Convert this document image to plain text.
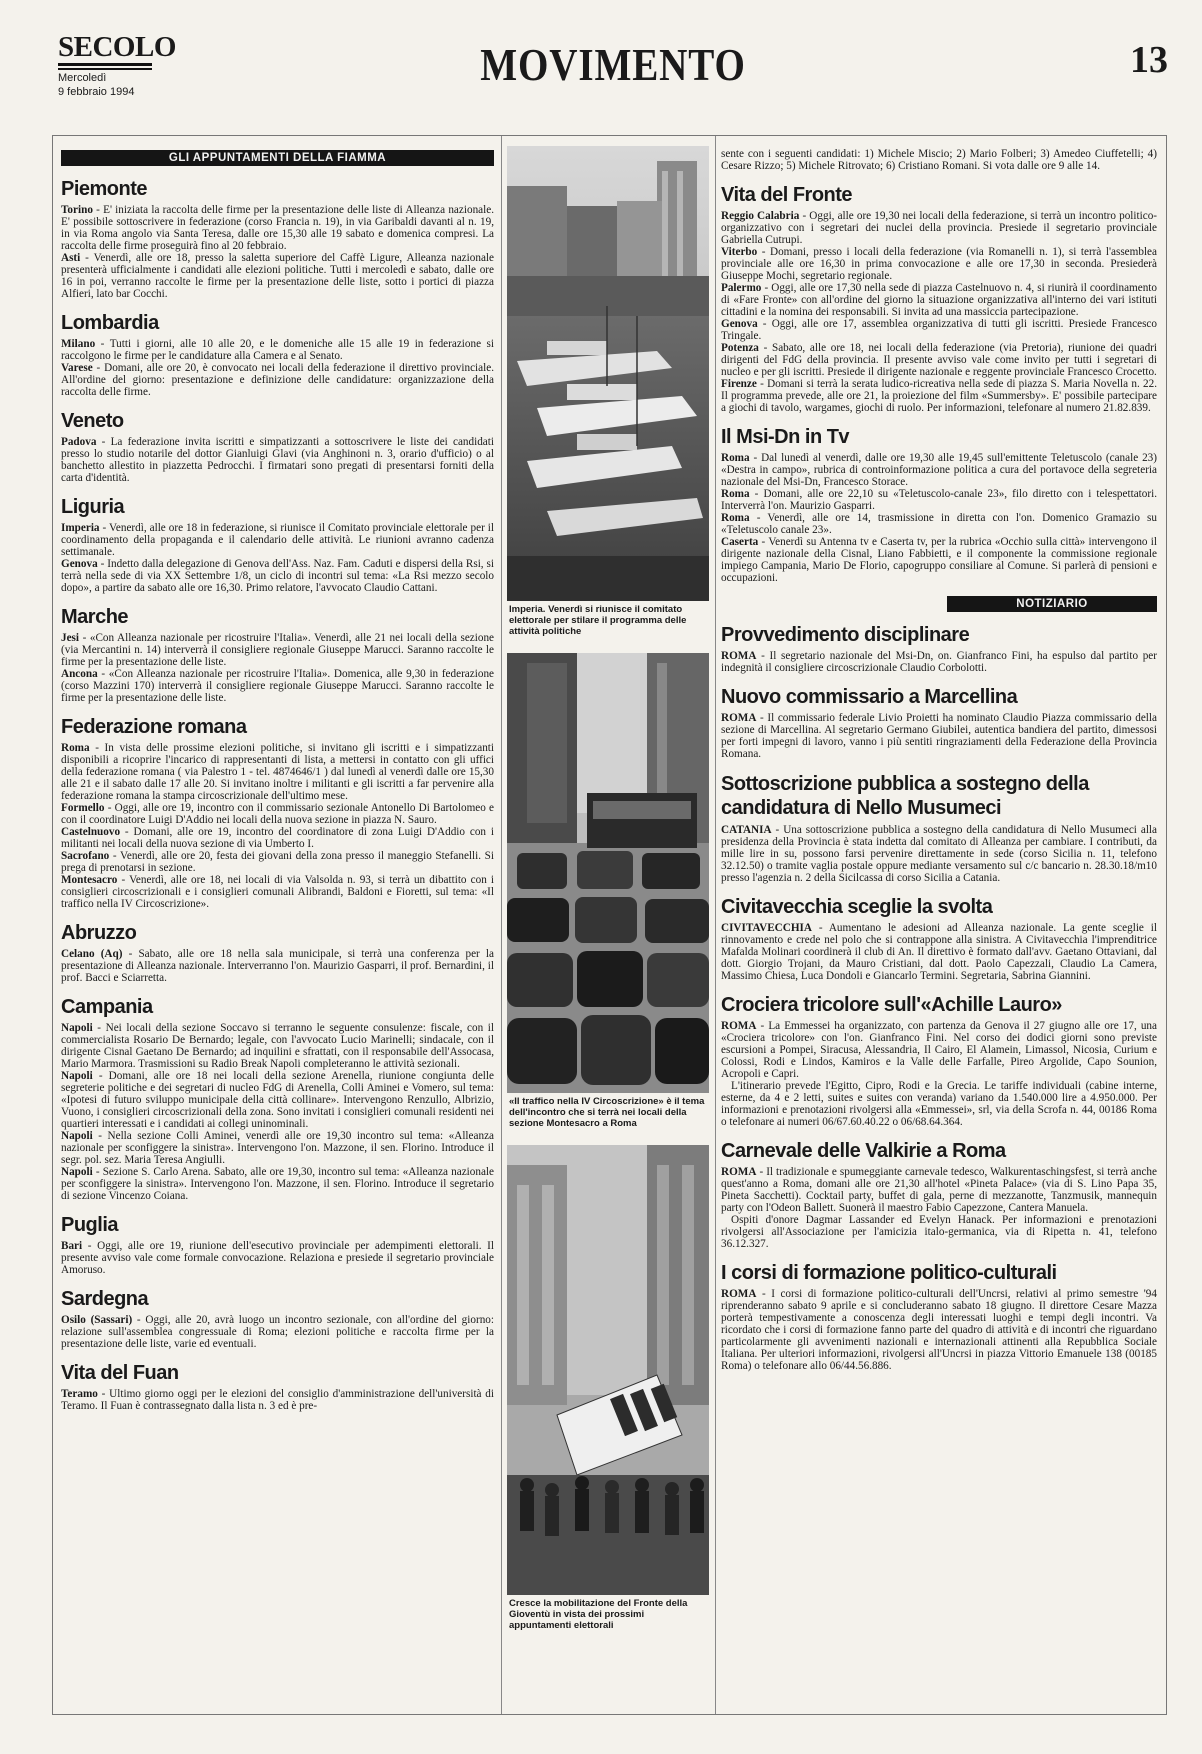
SECOLO
Mercoledì
9 febbraio 1994
MOVIMENTO	13
GLI APPUNTAMENTI DELLA FIAMMA
Piemonte
Torino - E' iniziata la raccolta delle firme per la presentazione delle liste di Alleanza nazionale. E' possibile sottoscrivere in federazione (corso Francia n. 19), in via Garibaldi davanti al n. 19, in via Roma angolo via Santa Teresa, dalle ore 15,30 alle 19 sabato e domenica compresi. La raccolta delle firme proseguirà fino al 20 febbraio.
Asti - Venerdì, alle ore 18, presso la saletta superiore del Caffè Ligure, Alleanza nazionale presenterà ufficialmente i candidati alle elezioni politiche. Tutti i mercoledì e sabato, dalle ore 16 in poi, verranno raccolte le firme per la presentazione delle liste, sotto i portici di piazza Alfieri, lato bar Cocchi.
Lombardia
Milano - Tutti i giorni, alle 10 alle 20, e le domeniche alle 15 alle 19 in federazione si raccolgono le firme per le candidature alla Camera e al Senato.
Varese - Domani, alle ore 20, è convocato nei locali della federazione il direttivo provinciale. All'ordine del giorno: presentazione e definizione delle candidature: organizzazione della raccolta delle firme.
Veneto
Padova - La federazione invita iscritti e simpatizzanti a sottoscrivere le liste dei candidati presso lo studio notarile del dottor Gianluigi Glavi (via Anghinoni n. 3, orario d'ufficio) o al banchetto allestito in piazzetta Pedrocchi. I firmatari sono pregati di presentarsi forniti della carta d'identità.
Liguria
Imperia - Venerdì, alle ore 18 in federazione, si riunisce il Comitato provinciale elettorale per il coordinamento della propaganda e il calendario delle attività. Le riunioni avranno cadenza settimanale.
Genova - Indetto dalla delegazione di Genova dell'Ass. Naz. Fam. Caduti e dispersi della Rsi, si terrà nella sede di via XX Settembre 1/8, un ciclo di incontri sul tema: «La Rsi mezzo secolo dopo», a partire da sabato alle ore 16,30. Primo relatore, l'avvocato Claudio Cattani.
Marche
Jesi - «Con Alleanza nazionale per ricostruire l'Italia». Venerdì, alle 21 nei locali della sezione (via Mercantini n. 14) interverrà il consigliere regionale Giuseppe Marucci. Saranno raccolte le firme per la presentazione delle liste.
Ancona - «Con Alleanza nazionale per ricostruire l'Italia». Domenica, alle 9,30 in federazione (corso Mazzini 170) interverrà il consigliere regionale Giuseppe Marucci. Saranno raccolte le firme per la presentazione delle liste.
Federazione romana
Roma - In vista delle prossime elezioni politiche, si invitano gli iscritti e i simpatizzanti disponibili a ricoprire l'incarico di rappresentanti di lista, a mettersi in contatto con gli uffici della federazione romana ( via Palestro 1 - tel. 4874646/1 ) dal lunedì al venerdì dalle ore 15,30 alle 21 e il sabato dalle 17 alle 20. Si invitano inoltre i militanti e gli iscritti a far pervenire alla federazione romana la stampa circoscrizionale dell'ultimo mese.
Formello - Oggi, alle ore 19, incontro con il commissario sezionale Antonello Di Bartolomeo e con il coordinatore Luigi D'Addio nei locali della nuova sezione in piazza N. Sauro.
Castelnuovo - Domani, alle ore 19, incontro del coordinatore di zona Luigi D'Addio con i militanti nei locali della nuova sezione di via Umberto I.
Sacrofano - Venerdì, alle ore 20, festa dei giovani della zona presso il maneggio Stefanelli. Si prega di prenotarsi in sezione.
Montesacro - Venerdì, alle ore 18, nei locali di via Valsolda n. 93, si terrà un dibattito con i consiglieri circoscrizionali e i consiglieri comunali Alibrandi, Baldoni e Fioretti, sul tema: «Il traffico nella IV Circoscrizione».
Abruzzo
Celano (Aq) - Sabato, alle ore 18 nella sala municipale, si terrà una conferenza per la presentazione di Alleanza nazionale. Interverranno l'on. Maurizio Gasparri, il prof. Bernardini, il prof. Bacci e Sciarretta.
Campania
Napoli - Nei locali della sezione Soccavo si terranno le seguente consulenze: fiscale, con il commercialista Rosario De Bernardo; legale, con l'avvocato Lucio Marinelli; sindacale, con il dirigente Cisnal Gaetano De Bernardo; ad inquilini e sfrattati, con il responsabile dell'Assocasa, Mario Marmora. Trasmissioni su Radio Break Napoli completeranno le attività sezionali.
Napoli - Domani, alle ore 18 nei locali della sezione Arenella, riunione congiunta delle segreterie politiche e dei segretari di nucleo FdG di Arenella, Colli Aminei e Vomero, sul tema: «Ipotesi di futuro sviluppo municipale della città collinare». Intervengono Renzullo, Albrizio, Vuono, i consiglieri circoscrizionali della zona. Sono invitati i consiglieri comunali residenti nei quartieri interessati e i candidati ai collegi uninominali.
Napoli - Nella sezione Colli Aminei, venerdì alle ore 19,30 incontro sul tema: «Alleanza nazionale per sconfiggere la sinistra». Intervengono l'on. Mazzone, il sen. Florino. Introduce il segr. pol. sez. Maria Teresa Angiulli.
Napoli - Sezione S. Carlo Arena. Sabato, alle ore 19,30, incontro sul tema: «Alleanza nazionale per sconfiggere la sinistra». Intervengono l'on. Mazzone, il sen. Florino. Introduce il segretario di sezione Vincenzo Coiana.
Puglia
Bari - Oggi, alle ore 19, riunione dell'esecutivo provinciale per adempimenti elettorali. Il presente avviso vale come formale convocazione. Relaziona e presiede il segretario provinciale Amoruso.
Sardegna
Osilo (Sassari) - Oggi, alle 20, avrà luogo un incontro sezionale, con all'ordine del giorno: relazione sull'assemblea congressuale di Roma; elezioni politiche e raccolta firme per la presentazione delle liste, varie ed eventuali.
Vita del Fuan
Teramo - Ultimo giorno oggi per le elezioni del consiglio d'amministrazione dell'università di Teramo. Il Fuan è contrassegnato dalla lista n. 3 ed è pre-
Imperia. Venerdì si riunisce il comitato elettorale per stilare il programma delle attività politiche
«Il traffico nella IV Circoscrizione» è il tema dell'incontro che si terrà nei locali della sezione Montesacro a Roma
Cresce la mobilitazione del Fronte della Gioventù in vista dei prossimi appuntamenti elettorali
sente con i seguenti candidati: 1) Michele Miscio; 2) Mario Folberi; 3) Amedeo Ciuffetelli; 4) Cesare Rizzo; 5) Michele Ritrovato; 6) Cristiano Romani. Si vota dalle ore 9 alle 14.
Vita del Fronte
Reggio Calabria - Oggi, alle ore 19,30 nei locali della federazione, si terrà un incontro politico-organizzativo con i segretari dei nuclei della provincia. Presiede il segretario provinciale Gabriella Cutrupi.
Viterbo - Domani, presso i locali della federazione (via Romanelli n. 1), si terrà l'assemblea provinciale alle ore 16,30 in prima convocazione e alle ore 17,30 in seconda. Presiederà Giuseppe Mochi, segretario regionale.
Palermo - Oggi, alle ore 17,30 nella sede di piazza Castelnuovo n. 4, si riunirà il coordinamento di «Fare Fronte» con all'ordine del giorno la situazione organizzativa all'interno dei vari istituti cittadini e la nomina dei responsabili. Si invita ad una massiccia partecipazione.
Genova - Oggi, alle ore 17, assemblea organizzativa di tutti gli iscritti. Presiede Francesco Tringale.
Potenza - Sabato, alle ore 18, nei locali della federazione (via Pretoria), riunione dei quadri dirigenti del FdG della provincia. Il presente avviso vale come invito per tutti i segretari di nucleo e per gli iscritti. Presiede il dirigente nazionale e reggente provinciale Francesco Crocetto.
Firenze - Domani si terrà la serata ludico-ricreativa nella sede di piazza S. Maria Novella n. 22. Il programma prevede, alle ore 21, la proiezione del film «Summersby». E' possibile partecipare a giochi di tavolo, wargames, giochi di ruolo. Per informazioni, telefonare al numero 21.82.839.
Il Msi-Dn in Tv
Roma - Dal lunedì al venerdì, dalle ore 19,30 alle 19,45 sull'emittente Teletuscolo (canale 23) «Destra in campo», rubrica di controinformazione politica a cura del portavoce della segreteria nazionale del Msi-Dn, Francesco Storace.
Roma - Domani, alle ore 22,10 su «Teletuscolo-canale 23», filo diretto con i telespettatori. Interverrà l'on. Maurizio Gasparri.
Roma - Venerdì, alle ore 14, trasmissione in diretta con l'on. Domenico Gramazio su «Teletuscolo canale 23».
Caserta - Venerdì su Antenna tv e Caserta tv, per la rubrica «Occhio sulla città» intervengono il dirigente nazionale della Cisnal, Liano Fabbietti, e il componente la commissione regionale impiego Campania, Mario De Florio, capogruppo consiliare al Comune. Si parlerà di pensioni e occupazioni.
NOTIZIARIO
Provvedimento disciplinare
ROMA - Il segretario nazionale del Msi-Dn, on. Gianfranco Fini, ha espulso dal partito per indegnità il consigliere circoscrizionale Claudio Corbolotti.
Nuovo commissario a Marcellina
ROMA - Il commissario federale Livio Proietti ha nominato Claudio Piazza commissario della sezione di Marcellina. Al segretario Germano Giubilei, autentica bandiera del partito, dimessosi per forti impegni di lavoro, vanno i più sentiti ringraziamenti della Federazione della Provincia Romana.
Sottoscrizione pubblica a sostegno della candidatura di Nello Musumeci
CATANIA - Una sottoscrizione pubblica a sostegno della candidatura di Nello Musumeci alla presidenza della Provincia è stata indetta dal comitato di Alleanza per cambiare. I contributi, da mille lire in su, possono farsi pervenire direttamente in sede (corso Sicilia n. 11, telefono 32.12.50) o tramite vaglia postale oppure mediante versamento sul c/c bancario n. 28.30.18/m10 presso l'agenzia n. 2 della Sicilcassa di corso Sicilia a Catania.
Civitavecchia sceglie la svolta
CIVITAVECCHIA - Aumentano le adesioni ad Alleanza nazionale. La gente sceglie il rinnovamento e crede nel polo che si contrappone alla sinistra. A Civitavecchia l'imprenditrice Mafalda Molinari coordinerà il club di An. Il direttivo è formato dall'avv. Gaetano Ottaviani, dal dott. Giorgio Trojani, da Mauro Cristiani, dal dott. Paolo Capezzali, Claudio La Camera, Massimo Chiesa, Luca Dondoli e Giancarlo Termini. Segretaria, Sabrina Giannini.
Crociera tricolore sull'«Achille Lauro»
ROMA - La Emmessei ha organizzato, con partenza da Genova il 27 giugno alle ore 17, una «Crociera tricolore» con l'on. Gianfranco Fini. Nel corso dei dodici giorni sono previste escursioni a Pompei, Siracusa, Alessandria, Il Cairo, El Alamein, Limassol, Nicosia, Curium e Colossi, Rodi e Lindos, Kamiros e la Valle delle Farfalle, Pireo Argolide, Capo Sounion, Acropoli e Capri.
L'itinerario prevede l'Egitto, Cipro, Rodi e la Grecia. Le tariffe individuali (cabine interne, esterne, da 4 e 2 letti, suites e suites con veranda) variano da 1.540.000 lire a 4.950.000. Per informazioni e prenotazioni rivolgersi alla «Emmessei», srl, via della Scrofa n. 44, 00186 Roma o telefonare ai numeri 06/67.60.40.22 o 06/68.64.364.
Carnevale delle Valkirie a Roma
ROMA - Il tradizionale e spumeggiante carnevale tedesco, Walkurentaschingsfest, si terrà anche quest'anno a Roma, domani alle ore 21,30 all'hotel «Pineta Palace» (via di S. Lino Papa 35, Pineta Sacchetti). Cocktail party, buffet di gala, perne di mezzanotte, Tanzmusik, mannequin party con l'Odeon Ballett. Suonerà il maestro Fabio Capezzone, Cantera Manuela.
Ospiti d'onore Dagmar Lassander ed Evelyn Hanack. Per informazioni e prenotazioni rivolgersi all'Associazione per l'amicizia italo-germanica, via di Ripetta n. 41, telefono 36.12.327.
I corsi di formazione politico-culturali
ROMA - I corsi di formazione politico-culturali dell'Uncrsi, relativi al primo semestre '94 riprenderanno sabato 9 aprile e si concluderanno sabato 18 giugno. Il direttore Cesare Mazza porterà tempestivamente a conoscenza degli interessati luoghi e tempi degli incontri. Va ricordato che i corsi di formazione fanno parte del quadro di attività e di incontri che riguardano particolarmente gli avvenimenti nazionali e internazionali attinenti alla Repubblica Sociale Italiana. Per ulteriori informazioni, rivolgersi all'Uncrsi in piazza Vittorio Emanuele 138 (00185 Roma) o telefonare allo 06/44.56.886.
